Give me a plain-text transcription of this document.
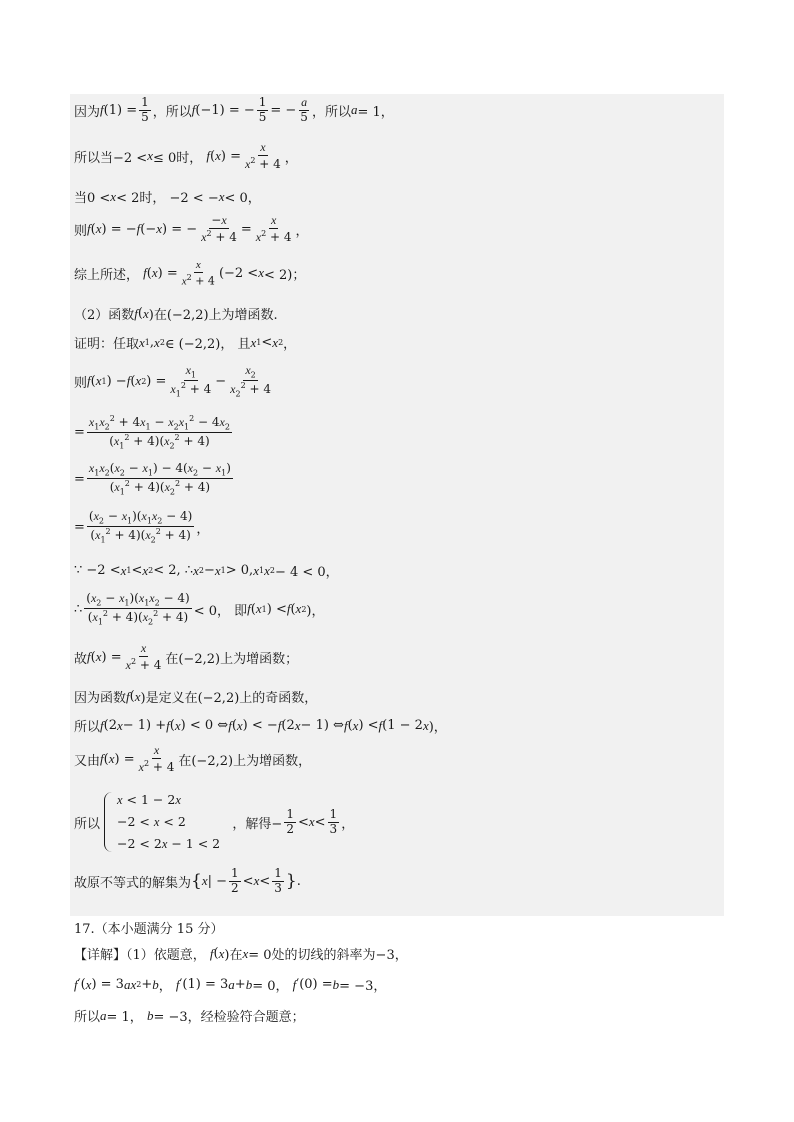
因为 f $(1) = \frac{1}{5}$ ，所以 f (−1) = − $\frac{1}{5}$ = − $\frac{a}{5}$ ，所以 a = 1，
所以当−2 < x ≤ 0时， f ( x ) = $\frac{x}{x^2 + 4}$ ，
当0 < x < 2时， −2 < − x < 0，
则 f ( x ) = − f (− x ) = − $\frac{-x}{x^2 + 4} = \frac{x}{x^2 + 4}$ ，
综上所述， f ( x ) = $\frac{x}{x^2 + 4} (-2 < x < 2)$；
（2）函数 f ( x )在(−2,2)上为增函数.
证明：任取 x 1 , x 2 ∈ (−2,2)， 且 x 1 < x 2 ，
则 f ( x 1 ) − f ( x 2 ) = $\frac{x_1}{x_1^2 + 4} - \frac{x_2}{x_2^2 + 4}$
= $\frac{x_1x_2^2 + 4x_1 - x_2x_1^2 - 4x_2}{(x_1^2 + 4)(x_2^2 + 4)}$
= $\frac{x_1x_2(x_2 - x_1) - 4(x_2 - x_1)}{(x_1^2 + 4)(x_2^2 + 4)}$
= $\frac{(x_2 - x_1)(x_1x_2 - 4)}{(x_1^2 + 4)(x_2^2 + 4)}$ ，
∵ −2 < x 1 < x 2 < 2, ∴ x 2 − x 1 > 0, x 1 x 2 − 4 < 0，
∴ $\frac{(x_2 - x_1)(x_1x_2 - 4)}{(x_1^2 + 4)(x_2^2 + 4)} < 0$， 即 f ( x 1 ) < f ( x 2 )，
故 f ( x ) = $\frac{x}{x^2 + 4}$ 在(−2,2)上为增函数；
因为函数 f ( x )是定义在(−2,2)上的奇函数，
所以 f (2 x − 1) + f ( x ) < 0 ⇔ f ( x ) < − f (2 x − 1) ⇔ f ( x ) < f (1 − 2 x )，
又由 f ( x ) = $\frac{x}{x^2 + 4}$ 在(−2,2)上为增函数，
所以
x < 1 − 2x
−2 < x < 2
−2 < 2x − 1 < 2
，解得− $\frac{1}{2} < x < \frac{1}{3}$ ，
故原不等式的解集为 { x | − $\frac{1}{2} < x < \frac{1}{3}$ } .
17.（本小题满分 15 分）
【详解】（1）依题意， f ( x )在 x = 0处的切线的斜率为−3，
f ′( x ) = 3 ax 2 + b ， f ′(1) = 3 a + b = 0， f ′(0) = b = −3，
所以 a = 1， b = −3，经检验符合题意；
